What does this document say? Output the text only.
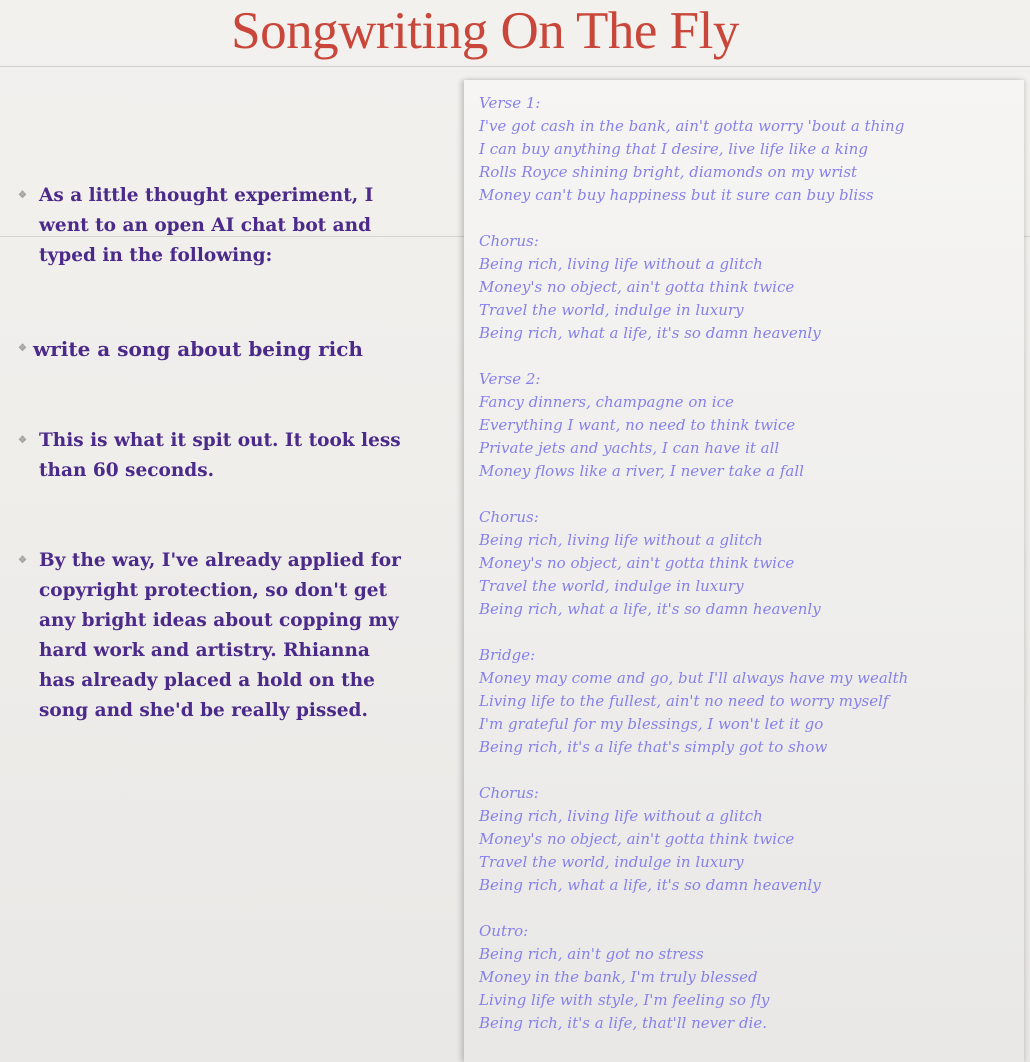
Songwriting On The Fly
❖ As a little thought experiment, I went to an open AI chat bot and typed in the following:
❖ write a song about being rich
❖ This is what it spit out. It took less than 60 seconds.
❖ By the way, I've already applied for copyright protection, so don't get any bright ideas about copping my hard work and artistry. Rhianna has already placed a hold on the song and she'd be really pissed.
Verse 1:
I've got cash in the bank, ain't gotta worry 'bout a thing
I can buy anything that I desire, live life like a king
Rolls Royce shining bright, diamonds on my wrist
Money can't buy happiness but it sure can buy bliss
Chorus:
Being rich, living life without a glitch
Money's no object, ain't gotta think twice
Travel the world, indulge in luxury
Being rich, what a life, it's so damn heavenly
Verse 2:
Fancy dinners, champagne on ice
Everything I want, no need to think twice
Private jets and yachts, I can have it all
Money flows like a river, I never take a fall
Chorus:
Being rich, living life without a glitch
Money's no object, ain't gotta think twice
Travel the world, indulge in luxury
Being rich, what a life, it's so damn heavenly
Bridge:
Money may come and go, but I'll always have my wealth
Living life to the fullest, ain't no need to worry myself
I'm grateful for my blessings, I won't let it go
Being rich, it's a life that's simply got to show
Chorus:
Being rich, living life without a glitch
Money's no object, ain't gotta think twice
Travel the world, indulge in luxury
Being rich, what a life, it's so damn heavenly
Outro:
Being rich, ain't got no stress
Money in the bank, I'm truly blessed
Living life with style, I'm feeling so fly
Being rich, it's a life, that'll never die.
